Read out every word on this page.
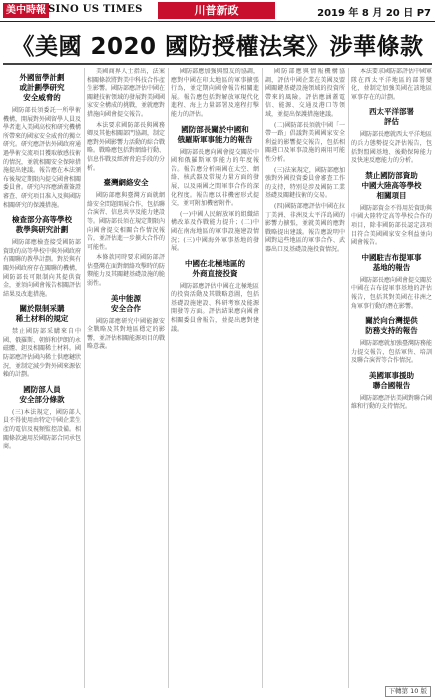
美中時報 SINO US TIMES	川普新政	2019 年 8 月 20 日 P7
《美國 2020 國防授權法案》涉華條款
外國留學計劃
或計劃學研究
安全威脅的
國防部長須委託一所學術機構，開展對外國留學人員及學者進入美國高校和研究機構所帶來的國家安全威脅的獨立研究。研究應評估外國政府通過學術交流項目獲取敏感技術的情況，並就相關安全保障措施提出建議。報告應在本法頒布後規定期限內提交國會相關委員會。研究內容應涵蓋簽證審查、研究項目准入及與國防相關研究的保護措施。
檢查部分高等學校
教學與研究計劃
國防部應檢查接受國防部資助的高等學校中與外國政府有關聯的教學計劃。對於與有關外國政府存在關聯的機構，國防部長可限制向其提供資金，並須向國會報告相關評估結果及改進措施。
關於限制采購
稀土材料的規定
禁止國防部采購來自中國、俄羅斯、朝鮮和伊朗的永磁體、鉭及相關稀土材料。國防部應評估國內稀土供應鏈狀況，並制定減少對外國來源依賴的計劃。
國防部人員
安全部分條款
(三)本法規定，國防部人員不得使用由特定中國企業生產的電信及視頻監控設備。相關條款適用於國防部合同承包商。
美國商界人士指出，法案相關條款將對美中科技合作產生影響。國防部應評估中國在關鍵技術領域的發展對美國國家安全構成的挑戰，並就應對措施向國會提交報告。
本法要求國防部長與國務卿及其他相關部門協調，制定應對外國影響力活動的綜合戰略。戰略應包括對網絡行動、信息作戰及經濟脅迫手段的分析。
臺灣網絡安全
國防部應與臺灣方面就網絡安全問題開展合作，包括聯合演習、信息共享及能力建設等。國防部長須在規定期限內向國會提交相關合作情況報告，並評估進一步擴大合作的可能性。
本條款同時要求國防部評估臺灣在面對網絡攻擊時的防禦能力及其關鍵基礎設施的脆弱性。
美中能源
安全合作
國防部應研究中國能源安全戰略及其對地區穩定的影響，並評估相關能源項目的戰略意義。
國防部應加強與盟友的協調，應對中國在印太地區的軍事擴張行為，並定期向國會報告相關進展。報告應包括對解放軍現代化進程、海上力量部署及遠程打擊能力的評估。
國防部長關於中國和
俄羅斯軍事能力的報告
國防部長應向國會提交關於中國和俄羅斯軍事能力的年度報告。報告應分析兩國在太空、網絡、核武器及常規力量方面的發展，以及兩國之間軍事合作的深化程度。報告應以非機密形式提交，並可附加機密附件。
(一)中國人民解放軍的組織結構改革及作戰能力提升；(二)中國在南海地區的軍事設施建設情況；(三)中國海外軍事基地的發展。
中國在北極地區的
外商直接投資
國防部應評估中國在北極地區的投資活動及其戰略意圖，包括基礎設施建設、科研考察及能源開發等方面。評估結果應向國會相關委員會報告，並提出應對建議。
國防部應與情報機構協調，評估中國企業在美國及盟國關鍵基礎設施領域的投資所帶來的風險。評估應涵蓋電信、能源、交通及港口等領域，並提出保護措施建議。
(二)國防部長須就中國「一帶一路」倡議對美國國家安全利益的影響提交報告，包括相關港口及軍事設施的兩用可能性分析。
(三)法案規定，國防部應加強對外國投資委員會審查工作的支持，特別是涉及國防工業基礎及關鍵技術的交易。
(四)國防部應評估中國在拉丁美洲、非洲及太平洋島國的影響力擴張，並就美國的應對戰略提出建議。報告應說明中國對這些地區的軍事合作、武器出口及基礎設施投資情況。
本法要求國防部評估中國軍隊在西太平洋地區的部署變化，並制定加強美國在該地區軍事存在的計劃。
西太平洋部署
評估
國防部長應就西太平洋地區的兵力態勢提交評估報告，包括對盟國基地、後勤保障能力及快速反應能力的分析。
禁止國防部資助
中國大陸高等學校
相關項目
國防部資金不得用於資助與中國大陸特定高等學校合作的項目，除非國防部長認定該項目符合美國國家安全利益並向國會報告。
中國駐吉布提軍事
基地的報告
國防部長應向國會提交關於中國在吉布提軍事基地的評估報告，包括其對美國在非洲之角軍事行動的潛在影響。
關於向台灣提供
防務支持的報告
國防部應就加強臺灣防務能力提交報告，包括軍售、培訓及聯合演習等合作情況。
美國軍事援助
聯合國報告
國防部應評估美國對聯合國維和行動的支持情況。
下轉第 10 版
